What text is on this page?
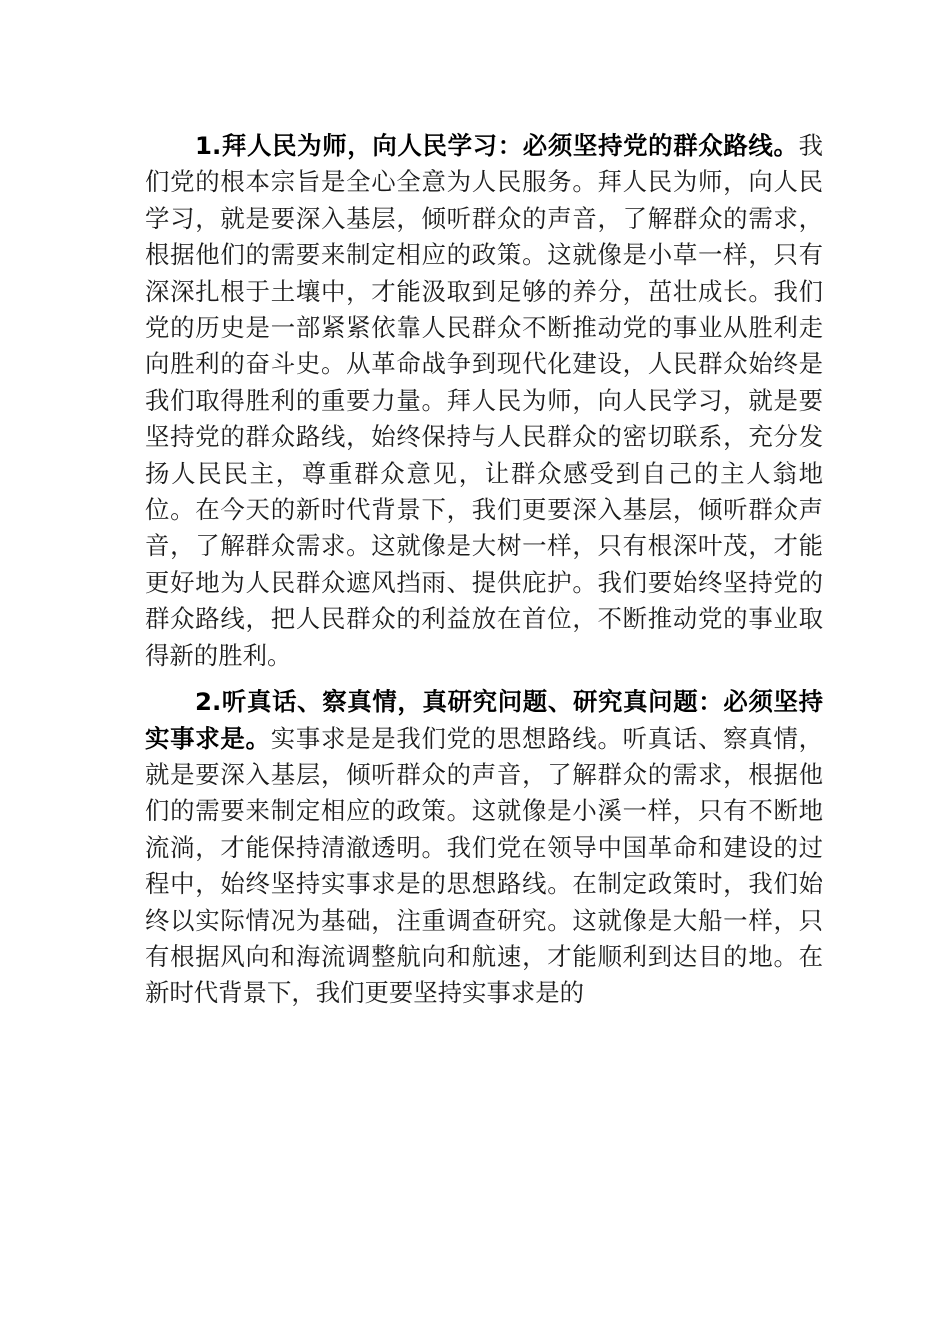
1.拜人民为师，向人民学习：必须坚持党的群众路线。我们党的根本宗旨是全心全意为人民服务。拜人民为师，向人民学习，就是要深入基层，倾听群众的声音，了解群众的需求，根据他们的需要来制定相应的政策。这就像是小草一样，只有深深扎根于土壤中，才能汲取到足够的养分，茁壮成长。我们党的历史是一部紧紧依靠人民群众不断推动党的事业从胜利走向胜利的奋斗史。从革命战争到现代化建设，人民群众始终是我们取得胜利的重要力量。拜人民为师，向人民学习，就是要坚持党的群众路线，始终保持与人民群众的密切联系，充分发扬人民民主，尊重群众意见，让群众感受到自己的主人翁地位。在今天的新时代背景下，我们更要深入基层，倾听群众声音，了解群众需求。这就像是大树一样，只有根深叶茂，才能更好地为人民群众遮风挡雨、提供庇护。我们要始终坚持党的群众路线，把人民群众的利益放在首位，不断推动党的事业取得新的胜利。

2.听真话、察真情，真研究问题、研究真问题：必须坚持实事求是。实事求是是我们党的思想路线。听真话、察真情，就是要深入基层，倾听群众的声音，了解群众的需求，根据他们的需要来制定相应的政策。这就像是小溪一样，只有不断地流淌，才能保持清澈透明。我们党在领导中国革命和建设的过程中，始终坚持实事求是的思想路线。在制定政策时，我们始终以实际情况为基础，注重调查研究。这就像是大船一样，只有根据风向和海流调整航向和航速，才能顺利到达目的地。在新时代背景下，我们更要坚持实事求是的
